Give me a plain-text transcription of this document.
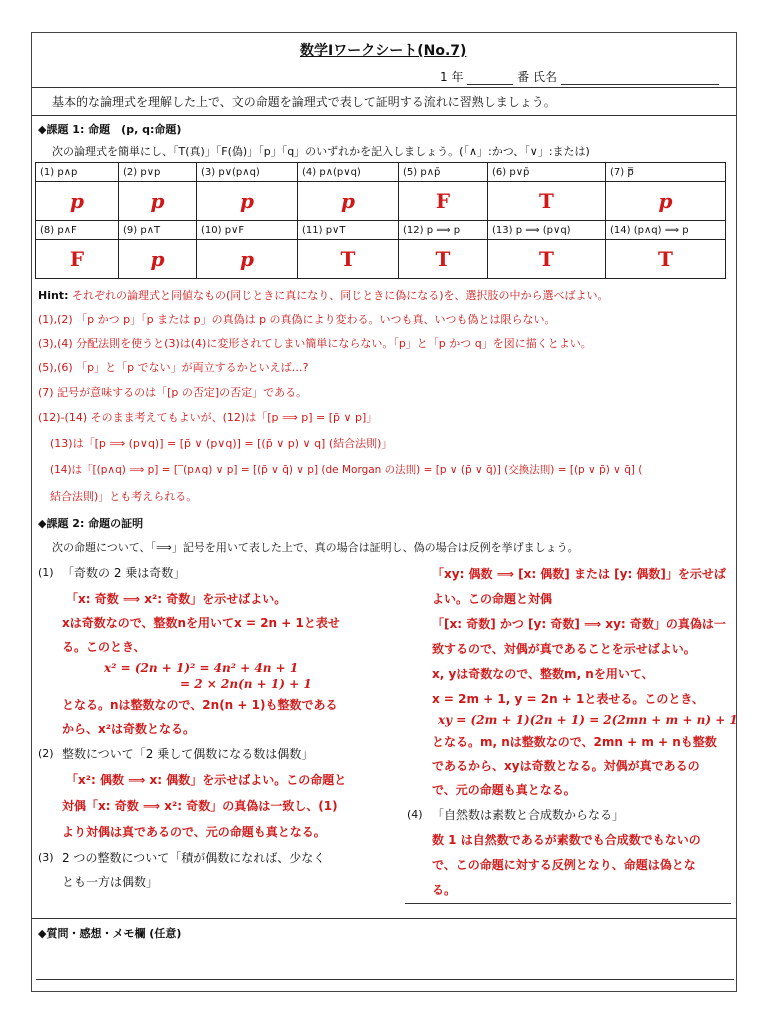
数学Ⅰワークシート(No.7)
1 年	番 氏名
基本的な論理式を理解した上で、文の命題を論理式で表して証明する流れに習熟しましょう。
◆課題 1: 命題　(p, q:命題)
次の論理式を簡単にし、「T(真)」「F(偽)」「p」「q」のいずれかを記入しましょう。(「∧」:かつ、「∨」:または)
(1) p∧p	(2) p∨p	(3) p∨(p∧q)	(4) p∧(p∨q)	(5) p∧p̄	(6) p∨p̄	(7) p̿
p	p	p	p	F	T	p
(8) p∧F	(9) p∧T	(10) p∨F	(11) p∨T	(12) p ⟹ p	(13) p ⟹ (p∨q)	(14) (p∧q) ⟹ p
F	p	p	T	T	T	T
Hint: それぞれの論理式と同値なもの(同じときに真になり、同じときに偽になる)を、選択肢の中から選べばよい。
(1),(2) 「p かつ p」「p または p」の真偽は p の真偽により変わる。いつも真、いつも偽とは限らない。
(3),(4) 分配法則を使うと(3)は(4)に変形されてしまい簡単にならない。「p」と「p かつ q」を図に描くとよい。
(5),(6) 「p」と「p でない」が両立するかといえば…?
(7) 記号が意味するのは「[p の否定]の否定」である。
(12)-(14) そのまま考えてもよいが、(12)は「[p ⟹ p] = [p̄ ∨ p]」
(13)は「[p ⟹ (p∨q)] = [p̄ ∨ (p∨q)] = [(p̄ ∨ p) ∨ q] (結合法則)」
(14)は「[(p∧q) ⟹ p] = [‾(p∧q) ∨ p] = [(p̄ ∨ q̄) ∨ p] (de Morgan の法則) = [p ∨ (p̄ ∨ q̄)] (交換法則) = [(p ∨ p̄) ∨ q̄] (
結合法則)」とも考えられる。
◆課題 2: 命題の証明
次の命題について、「⟹」記号を用いて表した上で、真の場合は証明し、偽の場合は反例を挙げましょう。
(1) 「奇数の 2 乗は奇数」
「x: 奇数 ⟹ x²: 奇数」を示せばよい。
xは奇数なので、整数nを用いてx = 2n + 1と表せ
る。このとき、
x² = (2n + 1)² = 4n² + 4n + 1
= 2 × 2n(n + 1) + 1
となる。nは整数なので、2n(n + 1)も整数である
から、x²は奇数となる。
(2) 整数について「2 乗して偶数になる数は偶数」
「x²: 偶数 ⟹ x: 偶数」を示せばよい。この命題と
対偶「x: 奇数 ⟹ x²: 奇数」の真偽は一致し、(1)
より対偶は真であるので、元の命題も真となる。
(3) 2 つの整数について「積が偶数になれば、少なく
とも一方は偶数」
「xy: 偶数 ⟹ [x: 偶数] または [y: 偶数]」を示せば
よい。この命題と対偶
「[x: 奇数] かつ [y: 奇数] ⟹ xy: 奇数」の真偽は一
致するので、対偶が真であることを示せばよい。
x, yは奇数なので、整数m, nを用いて、
x = 2m + 1, y = 2n + 1と表せる。このとき、
xy = (2m + 1)(2n + 1) = 2(2mn + m + n) + 1
となる。m, nは整数なので、2mn + m + nも整数
であるから、xyは奇数となる。対偶が真であるの
で、元の命題も真となる。
(4) 「自然数は素数と合成数からなる」
数 1 は自然数であるが素数でも合成数でもないの
で、この命題に対する反例となり、命題は偽とな
る。
◆質問・感想・メモ欄 (任意)
